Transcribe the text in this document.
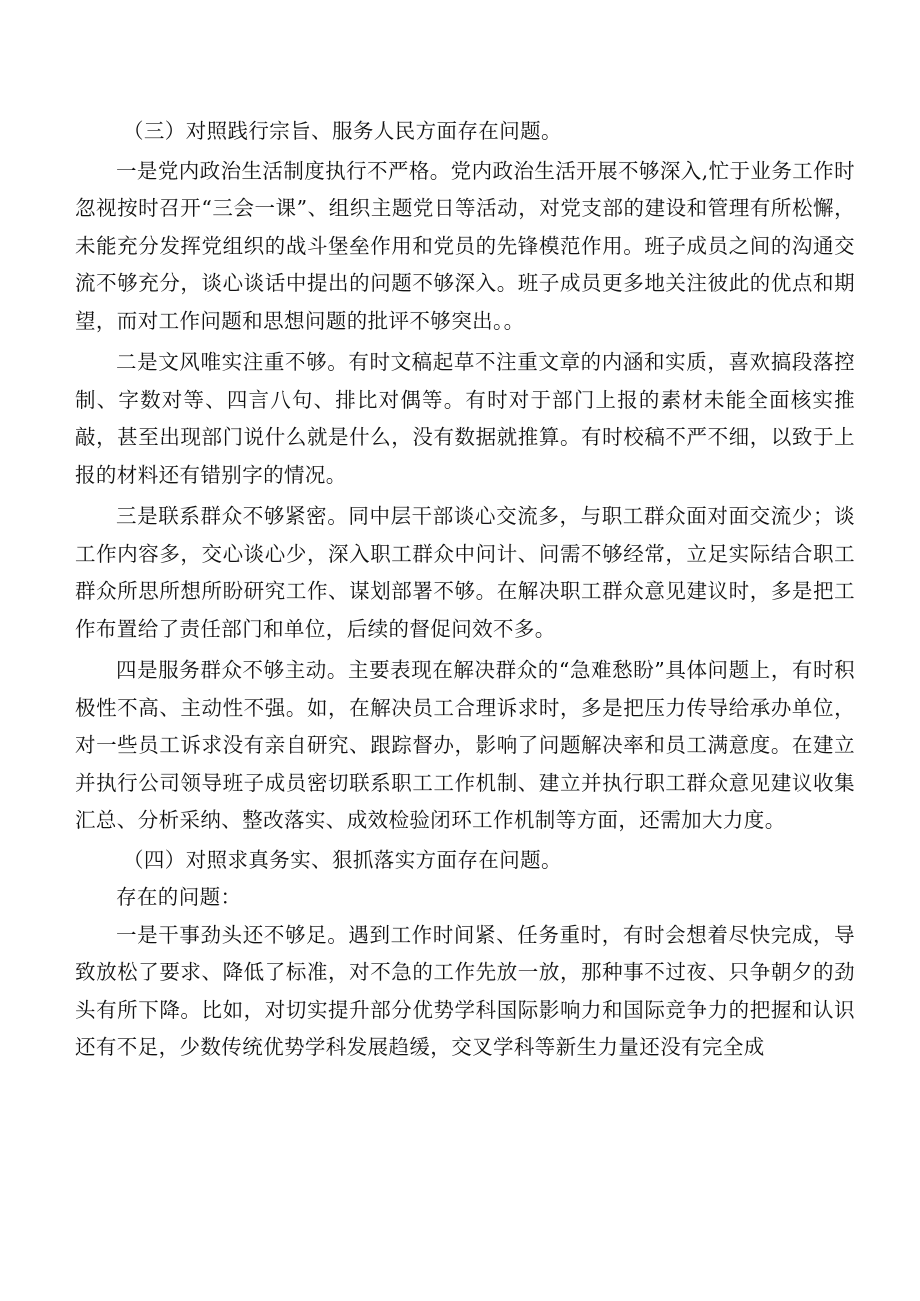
（三）对照践行宗旨、服务人民方面存在问题。

一是党内政治生活制度执行不严格。党内政治生活开展不够深入,忙于业务工作时忽视按时召开“三会一课”、组织主题党日等活动，对党支部的建设和管理有所松懈，未能充分发挥党组织的战斗堡垒作用和党员的先锋模范作用。班子成员之间的沟通交流不够充分，谈心谈话中提出的问题不够深入。班子成员更多地关注彼此的优点和期望，而对工作问题和思想问题的批评不够突出。。

二是文风唯实注重不够。有时文稿起草不注重文章的内涵和实质，喜欢搞段落控制、字数对等、四言八句、排比对偶等。有时对于部门上报的素材未能全面核实推敲，甚至出现部门说什么就是什么，没有数据就推算。有时校稿不严不细，以致于上报的材料还有错别字的情况。

三是联系群众不够紧密。同中层干部谈心交流多，与职工群众面对面交流少；谈工作内容多，交心谈心少，深入职工群众中问计、问需不够经常，立足实际结合职工群众所思所想所盼研究工作、谋划部署不够。在解决职工群众意见建议时，多是把工作布置给了责任部门和单位，后续的督促问效不多。

四是服务群众不够主动。主要表现在解决群众的“急难愁盼”具体问题上，有时积极性不高、主动性不强。如，在解决员工合理诉求时，多是把压力传导给承办单位，对一些员工诉求没有亲自研究、跟踪督办，影响了问题解决率和员工满意度。在建立并执行公司领导班子成员密切联系职工工作机制、建立并执行职工群众意见建议收集汇总、分析采纳、整改落实、成效检验闭环工作机制等方面，还需加大力度。

（四）对照求真务实、狠抓落实方面存在问题。

存在的问题：

一是干事劲头还不够足。遇到工作时间紧、任务重时，有时会想着尽快完成，导致放松了要求、降低了标准，对不急的工作先放一放，那种事不过夜、只争朝夕的劲头有所下降。比如，对切实提升部分优势学科国际影响力和国际竞争力的把握和认识还有不足，少数传统优势学科发展趋缓，交叉学科等新生力量还没有完全成
